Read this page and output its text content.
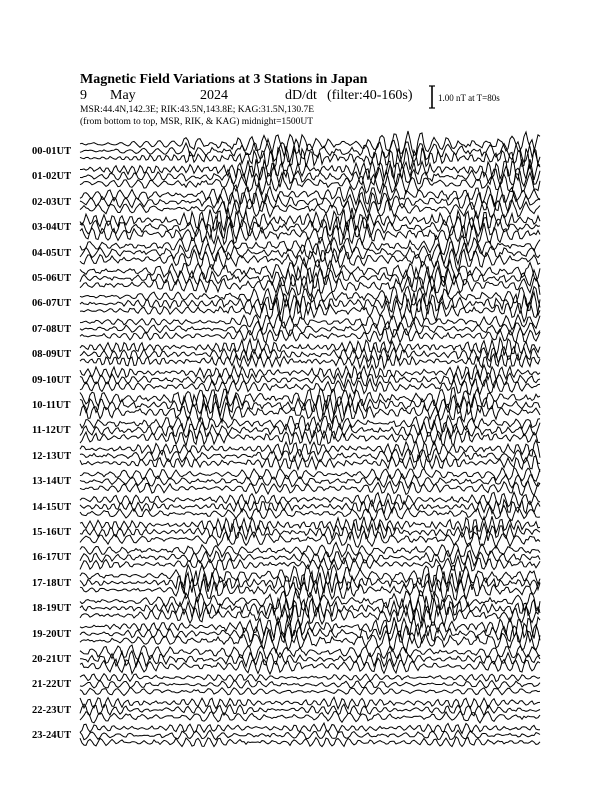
Magnetic Field Variations at 3 Stations in Japan
9 May	2024	dD/dt (filter:40-160s)
MSR:44.4N,142.3E; RIK:43.5N,143.8E; KAG:31.5N,130.7E
(from bottom to top, MSR, RIK, & KAG) midnight=1500UT
1.00 nT at T=80s
00-01UT
01-02UT
02-03UT
03-04UT
04-05UT
05-06UT
06-07UT
07-08UT
08-09UT
09-10UT
10-11UT
11-12UT
12-13UT
13-14UT
14-15UT
15-16UT
16-17UT
17-18UT
18-19UT
19-20UT
20-21UT
21-22UT
22-23UT
23-24UT
